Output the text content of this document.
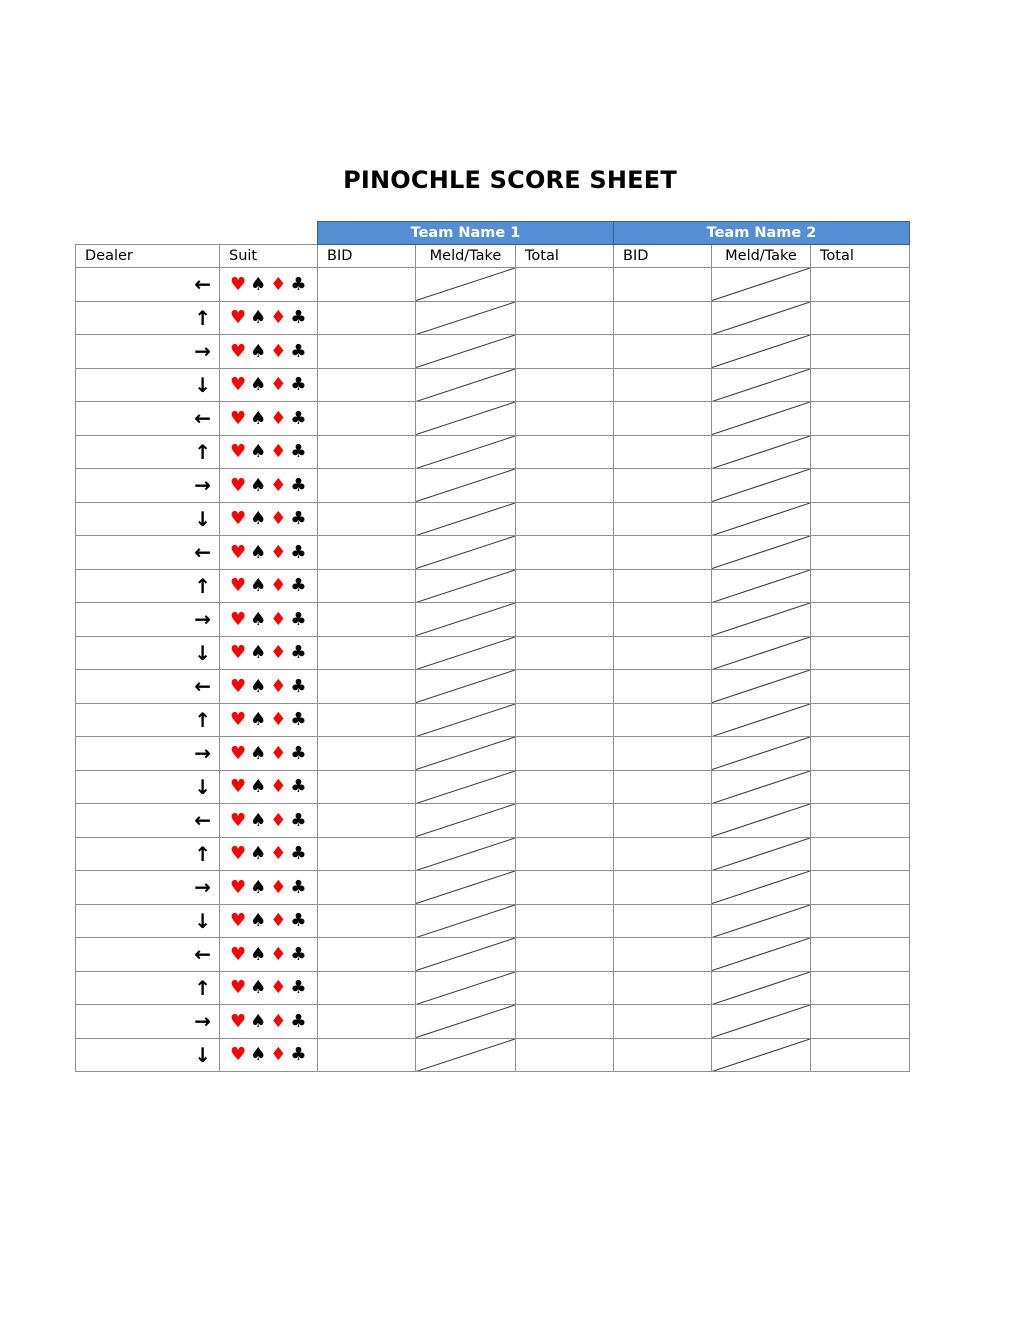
PINOCHLE SCORE SHEET
		Team Name 1			Team Name 2		
Dealer	Suit	BID	Meld/Take	Total	BID	Meld/Take	Total
←	♥ ♠ ♦ ♣		

↑	♥ ♠ ♦ ♣		

→	♥ ♠ ♦ ♣		

↓	♥ ♠ ♦ ♣		

←	♥ ♠ ♦ ♣		

↑	♥ ♠ ♦ ♣		

→	♥ ♠ ♦ ♣		

↓	♥ ♠ ♦ ♣		

←	♥ ♠ ♦ ♣		

↑	♥ ♠ ♦ ♣		

→	♥ ♠ ♦ ♣		

↓	♥ ♠ ♦ ♣		

←	♥ ♠ ♦ ♣		

↑	♥ ♠ ♦ ♣		

→	♥ ♠ ♦ ♣		

↓	♥ ♠ ♦ ♣		

←	♥ ♠ ♦ ♣		

↑	♥ ♠ ♦ ♣		

→	♥ ♠ ♦ ♣		

↓	♥ ♠ ♦ ♣		

←	♥ ♠ ♦ ♣		

↑	♥ ♠ ♦ ♣		

→	♥ ♠ ♦ ♣		

↓	♥ ♠ ♦ ♣		
